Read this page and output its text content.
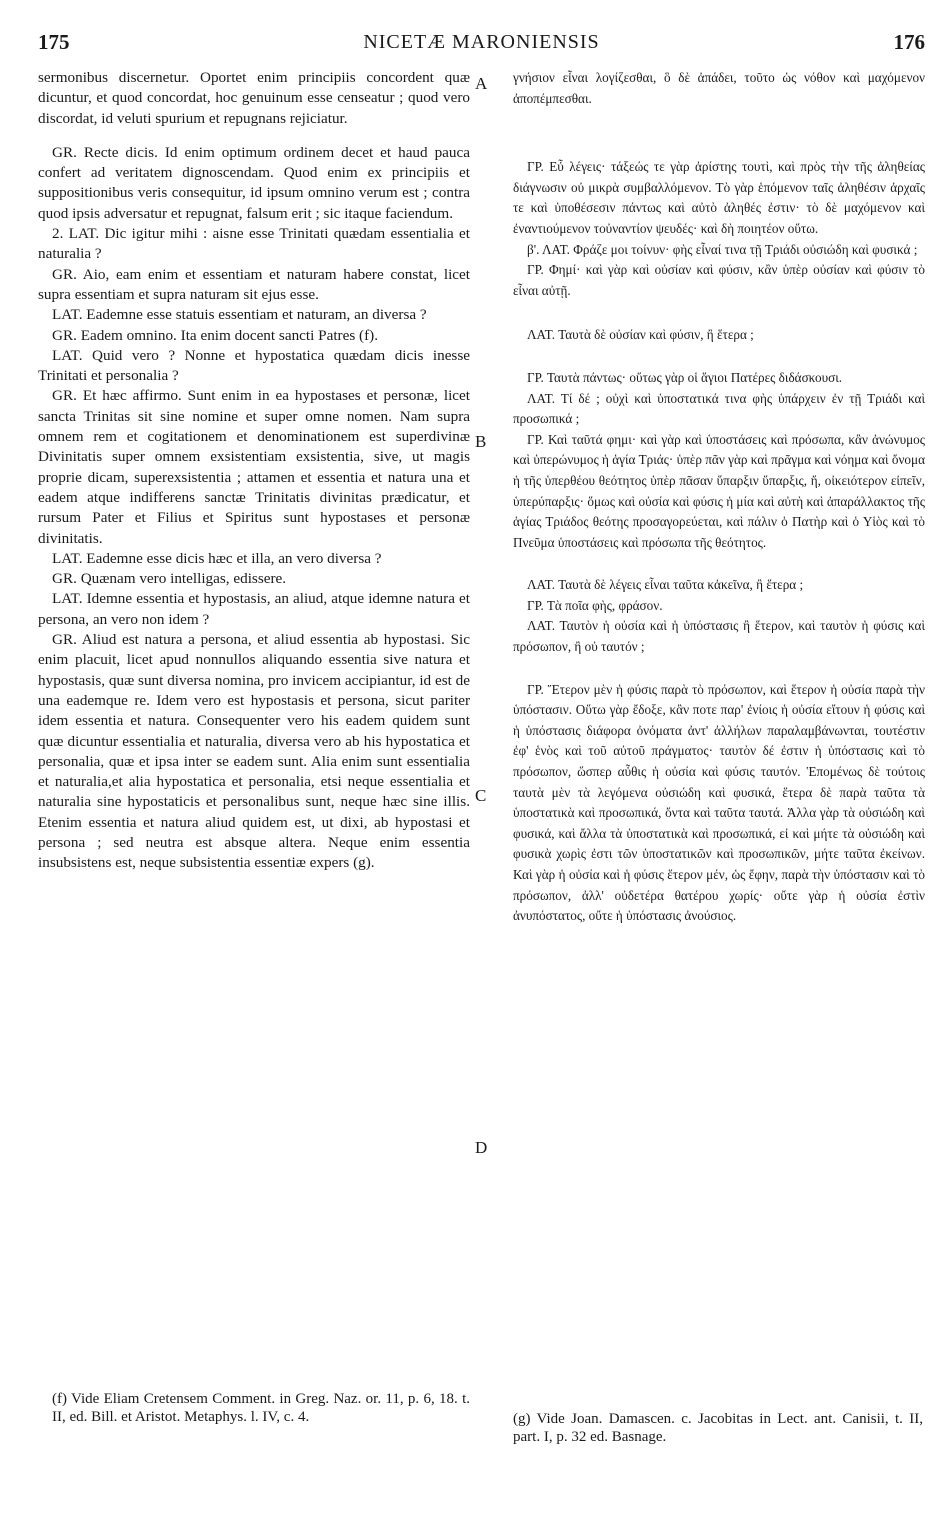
175	NICETÆ MARONIENSIS	176
A
B
C
D

sermonibus discernetur. Oportet enim principiis concordent quæ dicuntur, et quod concordat, hoc genuinum esse censeatur ; quod vero discordat, id veluti spurium et repugnans rejiciatur.

GR. Recte dicis. Id enim optimum ordinem decet et haud pauca confert ad veritatem dignoscendam. Quod enim ex principiis et suppositionibus veris consequitur, id ipsum omnino verum est ; contra quod ipsis adversatur et repugnat, falsum erit ; sic itaque faciendum.

2. LAT. Dic igitur mihi : aisne esse Trinitati quædam essentialia et naturalia ?

GR. Aio, eam enim et essentiam et naturam habere constat, licet supra essentiam et supra naturam sit ejus esse.

LAT. Eademne esse statuis essentiam et naturam, an diversa ?

GR. Eadem omnino. Ita enim docent sancti Patres (f).

LAT. Quid vero ? Nonne et hypostatica quædam dicis inesse Trinitati et personalia ?

GR. Et hæc affirmo. Sunt enim in ea hypostases et personæ, licet sancta Trinitas sit sine nomine et super omne nomen. Nam supra omnem rem et cogitationem et denominationem est superdivinæ Divinitatis super omnem exsistentiam exsistentia, sive, ut magis proprie dicam, superexsistentia ; attamen et essentia et natura una et eadem atque indifferens sanctæ Trinitatis divinitas prædicatur, et rursum Pater et Filius et Spiritus sunt hypostases et personæ divinitatis.

LAT. Eademne esse dicis hæc et illa, an vero diversa ?

GR. Quænam vero intelligas, edissere.

LAT. Idemne essentia et hypostasis, an aliud, atque idemne natura et persona, an vero non idem ?

GR. Aliud est natura a persona, et aliud essentia ab hypostasi. Sic enim placuit, licet apud nonnullos aliquando essentia sive natura et hypostasis, quæ sunt diversa nomina, pro invicem accipiantur, id est de una eademque re. Idem vero est hypostasis et persona, sicut pariter idem essentia et natura. Consequenter vero his eadem quidem sunt quæ dicuntur essentialia et naturalia, diversa vero ab his hypostatica et personalia, quæ et ipsa inter se eadem sunt. Alia enim sunt essentialia et naturalia,et alia hypostatica et personalia, etsi neque essentialia et naturalia sine hypostaticis et personalibus sunt, neque hæc sine illis. Etenim essentia et natura aliud quidem est, ut dixi, ab hypostasi et persona ; sed neutra est absque altera. Neque enim essentia insubsistens est, neque subsistentia essentiæ expers (g).

γνήσιον εἶναι λογίζεσθαι, ὃ δὲ ἀπάδει, τοῦτο ὡς νόθον καὶ μαχόμενον ἀποπέμπεσθαι.

ΓΡ. Εὖ λέγεις· τάξεώς τε γὰρ ἀρίστης τουτὶ, καὶ πρὸς τὴν τῆς ἀληθείας διάγνωσιν οὐ μικρὰ συμβαλλόμενον. Τὸ γὰρ ἑπόμενον ταῖς ἀληθέσιν ἀρχαῖς τε καὶ ὑποθέσεσιν πάντως καὶ αὐτὸ ἀληθές ἐστιν· τὸ δὲ μαχόμενον καὶ ἐναντιούμενον τοὐναντίον ψευδές· καὶ δὴ ποιητέον οὕτω.

β'. ΛΑΤ. Φράζε μοι τοίνυν· φὴς εἶναί τινα τῇ Τριάδι οὐσιώδη καὶ φυσικά ;

ΓΡ. Φημί· καὶ γὰρ καὶ οὐσίαν καὶ φύσιν, κἂν ὑπὲρ οὐσίαν καὶ φύσιν τὸ εἶναι αὐτῇ.

ΛΑΤ. Ταυτὰ δὲ οὐσίαν καὶ φύσιν, ἢ ἕτερα ;

ΓΡ. Ταυτὰ πάντως· οὕτως γὰρ οἱ ἅγιοι Πατέρες διδάσκουσι.

ΛΑΤ. Τί δέ ; οὐχὶ καὶ ὑποστατικά τινα φὴς ὑπάρχειν ἐν τῇ Τριάδι καὶ προσωπικά ;

ΓΡ. Καὶ ταῦτά φημι· καὶ γὰρ καὶ ὑποστάσεις καὶ πρόσωπα, κἂν ἀνώνυμος καὶ ὑπερώνυμος ἡ ἁγία Τριάς· ὑπὲρ πᾶν γὰρ καὶ πρᾶγμα καὶ νόημα καὶ ὄνομα ἡ τῆς ὑπερθέου θεότητος ὑπὲρ πᾶσαν ὕπαρξιν ὕπαρξις, ἤ, οἰκειότερον εἰπεῖν, ὑπερύπαρξις· ὅμως καὶ οὐσία καὶ φύσις ἡ μία καὶ αὐτὴ καὶ ἀπαράλλακτος τῆς ἁγίας Τριάδος θεότης προσαγορεύεται, καὶ πάλιν ὁ Πατὴρ καὶ ὁ Υἱὸς καὶ τὸ Πνεῦμα ὑποστάσεις καὶ πρόσωπα τῆς θεότητος.

ΛΑΤ. Ταυτὰ δὲ λέγεις εἶναι ταῦτα κἀκεῖνα, ἢ ἕτερα ;

ΓΡ. Τὰ ποῖα φὴς, φράσον.

ΛΑΤ. Ταυτὸν ἡ οὐσία καὶ ἡ ὑπόστασις ἢ ἕτερον, καὶ ταυτὸν ἡ φύσις καὶ πρόσωπον, ἢ οὐ ταυτόν ;

ΓΡ. Ἕτερον μὲν ἡ φύσις παρὰ τὸ πρόσωπον, καὶ ἕτερον ἡ οὐσία παρὰ τὴν ὑπόστασιν. Οὕτω γὰρ ἔδοξε, κἂν ποτε παρ' ἐνίοις ἡ οὐσία εἴτουν ἡ φύσις καὶ ἡ ὑπόστασις διάφορα ὀνόματα ἀντ' ἀλλήλων παραλαμβάνωνται, τουτέστιν ἐφ' ἑνὸς καὶ τοῦ αὐτοῦ πράγματος· ταυτὸν δέ ἐστιν ἡ ὑπόστασις καὶ τὸ πρόσωπον, ὥσπερ αὖθις ἡ οὐσία καὶ φύσις ταυτόν. Ἑπομένως δὲ τούτοις ταυτὰ μὲν τὰ λεγόμενα οὐσιώδη καὶ φυσικά, ἕτερα δὲ παρὰ ταῦτα τὰ ὑποστατικὰ καὶ προσωπικά, ὄντα καὶ ταῦτα ταυτά. Ἀλλα γὰρ τὰ οὐσιώδη καὶ φυσικά, καὶ ἄλλα τὰ ὑποστατικὰ καὶ προσωπικά, εἰ καὶ μήτε τὰ οὐσιώδη καὶ φυσικὰ χωρὶς ἐστι τῶν ὑποστατικῶν καὶ προσωπικῶν, μήτε ταῦτα ἐκείνων. Καὶ γὰρ ἡ οὐσία καὶ ἡ φύσις ἕτερον μέν, ὡς ἔφην, παρὰ τὴν ὑπόστασιν καὶ τὸ πρόσωπον, ἀλλ' οὐδετέρα θατέρου χωρίς· οὔτε γὰρ ἡ οὐσία ἐστὶν ἀνυπόστατος, οὔτε ἡ ὑπόστασις ἀνούσιος.

(f) Vide Eliam Cretensem Comment. in Greg. Naz. or. 11, p. 6, 18. t. II, ed. Bill. et Aristot. Metaphys. l. IV, c. 4.	(g) Vide Joan. Damascen. c. Jacobitas in Lect. ant. Canisii, t. II, part. I, p. 32 ed. Basnage.
